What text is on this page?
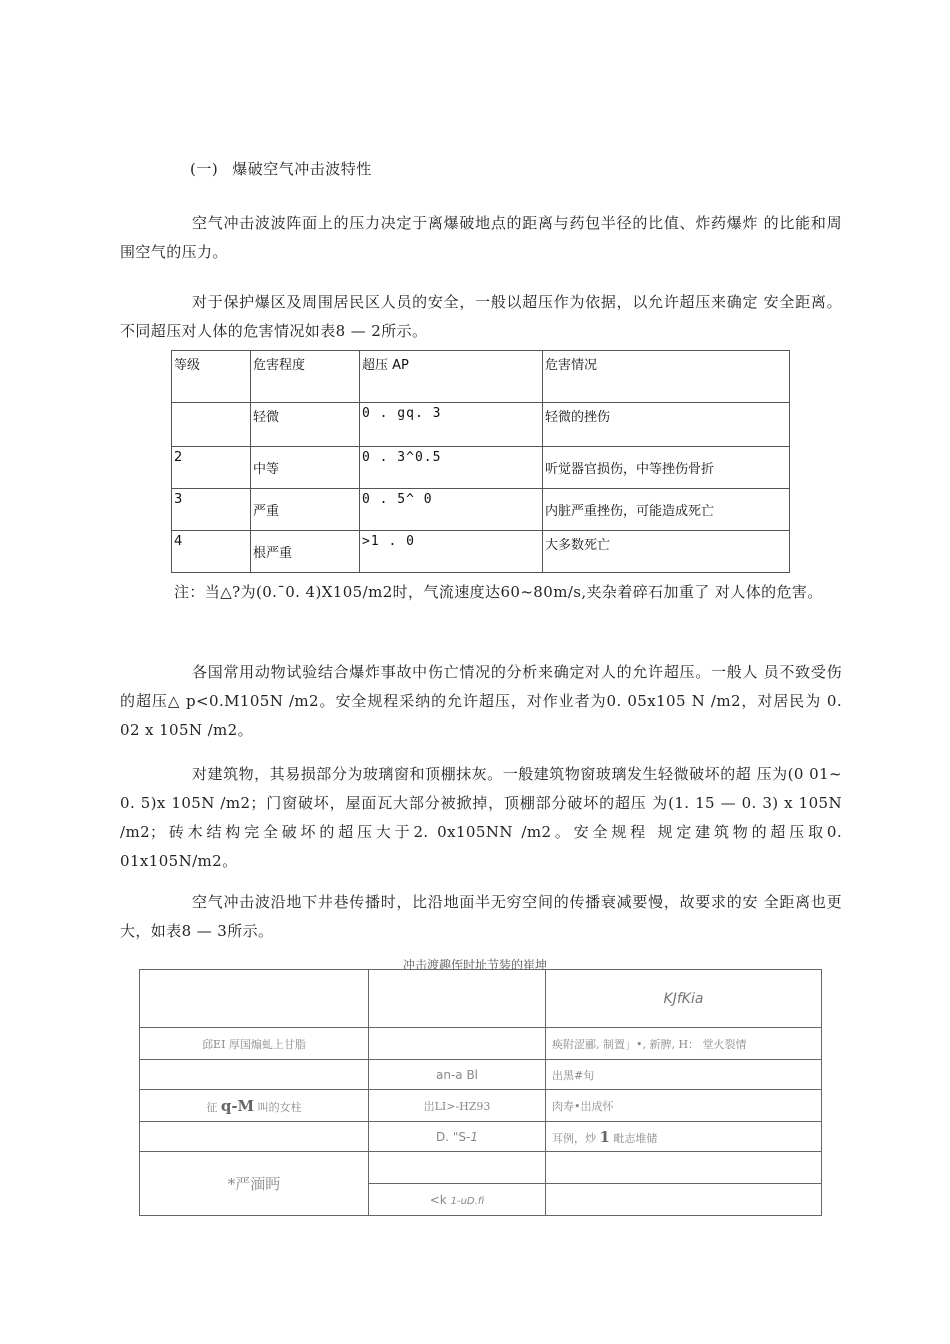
(一) 爆破空气冲击波特性
空气冲击波波阵面上的压力决定于离爆破地点的距离与药包半径的比值、炸药爆炸 的比能和周围空气的压力。
对于保护爆区及周围居民区人员的安全，一般以超压作为依据，以允许超压来确定 安全距离。不同超压对人体的危害情况如表8 — 2所示。
等级	危害程度	超压 AP	危害情况
	轻微	0 . gq. 3	轻微的挫伤
2	中等	0 . 3^0.5	听觉器官损伤，中等挫伤骨折
3	严重	0 . 5^ 0	内脏严重挫伤，可能造成死亡
4	根严重	>1 . 0	大多数死亡
注：当△?为(0.ˉ0. 4)X105/m2时，气流速度达60~80m/s,夹杂着碎石加重了 对人体的危害。
各国常用动物试验结合爆炸事故中伤亡情况的分析来确定对人的允许超压。一般人 员不致受伤的超压△ p<0.M105N /m2。安全规程采纳的允许超压，对作业者为0. 05x105 N /m2，对居民为 0. 02 x 105N /m2。
对建筑物，其易损部分为玻璃窗和顶棚抹灰。一般建筑物窗玻璃发生轻微破坏的超 压为(0 01~ 0. 5)x 105N /m2；门窗破坏，屋面瓦大部分被掀掉，顶棚部分破坏的超压 为(1. 15 — 0. 3) x 105N /m2；砖木结构完全破坏的超压大于2. 0x105NN /m2。安全规程 规定建筑物的超压取0. 01x105N/m2。
空气冲击波沿地下井巷传播时，比沿地面半无穷空间的传播衰减要慢，故要求的安 全距离也更大，如表8 — 3所示。
冲击渡趣侄时址节装的崔坤
		KJfKia
邱EI 厚国煽虬上甘脂		痪附涩郦, 制置」•, 新脾, H： 堂火裂情
	an-a Bl	出黑#旬
征 q-M 叫的女柱	岀LI>-HZ93	肉寿•岀成怀
	D. "S-1	耳例，炒 1 毗志堆储
*严湎眄		
	<k 1-uD.fi	
